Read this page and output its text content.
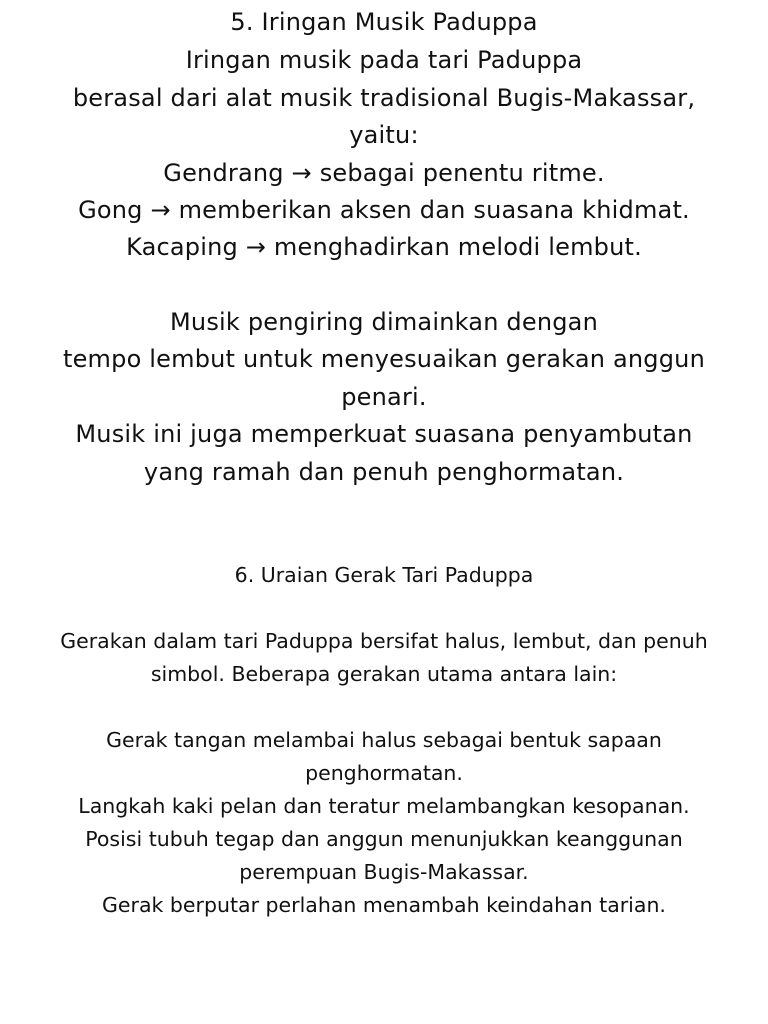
5. Iringan Musik Paduppa
Iringan musik pada tari Paduppa
berasal dari alat musik tradisional Bugis-Makassar,
yaitu:
Gendrang → sebagai penentu ritme.
Gong → memberikan aksen dan suasana khidmat.
Kacaping → menghadirkan melodi lembut.
Musik pengiring dimainkan dengan
tempo lembut untuk menyesuaikan gerakan anggun
penari.
Musik ini juga memperkuat suasana penyambutan
yang ramah dan penuh penghormatan.
6. Uraian Gerak Tari Paduppa
Gerakan dalam tari Paduppa bersifat halus, lembut, dan penuh
simbol. Beberapa gerakan utama antara lain:
Gerak tangan melambai halus sebagai bentuk sapaan
penghormatan.
Langkah kaki pelan dan teratur melambangkan kesopanan.
Posisi tubuh tegap dan anggun menunjukkan keanggunan
perempuan Bugis-Makassar.
Gerak berputar perlahan menambah keindahan tarian.
